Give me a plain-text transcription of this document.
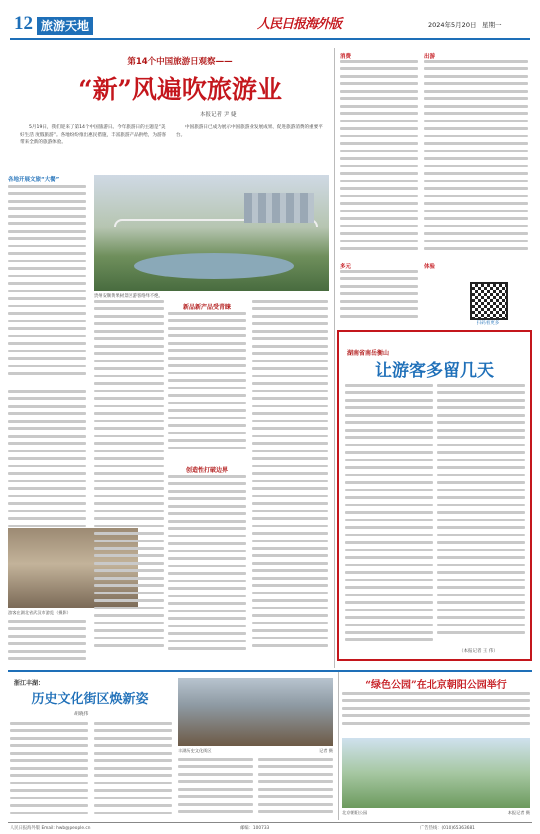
12 旅游天地	人民日报海外版	2024年5月20日 星期一
第14个中国旅游日观察——
“新”风遍吹旅游业
本报记者 尹 婕

5月19日，我们迎来了第14个中国旅游日。今年旅游日的主题是“美好生活 度假旅游”。各地纷纷推出惠民措施，丰富旅游产品供给，为游客带来全新的旅游体验。

中国旅游日已成为展示中国旅游业发展成果、促进旅游消费的重要平台。

各地开展文旅“大餐”
贵州安顺黄果树景区游客络绎不绝。
游客在湖北省武汉市游览（摄影）
新品新产品受青睐
创造性打破边界
消费
多元
出游
体验
扫码看更多
湖南省南岳衡山
让游客多留几天
（本报记者 王 伟）
浙江丰湖：
历史文化街区焕新姿
胡晓伟
丰湖历史文化街区	记者 摄
“绿色公园”在北京朝阳公园举行
北京朝阳公园	本报记者 摄
人民日报海外版 Email: hwb@people.cn	邮编：100733	广告热线：(010)65363681
